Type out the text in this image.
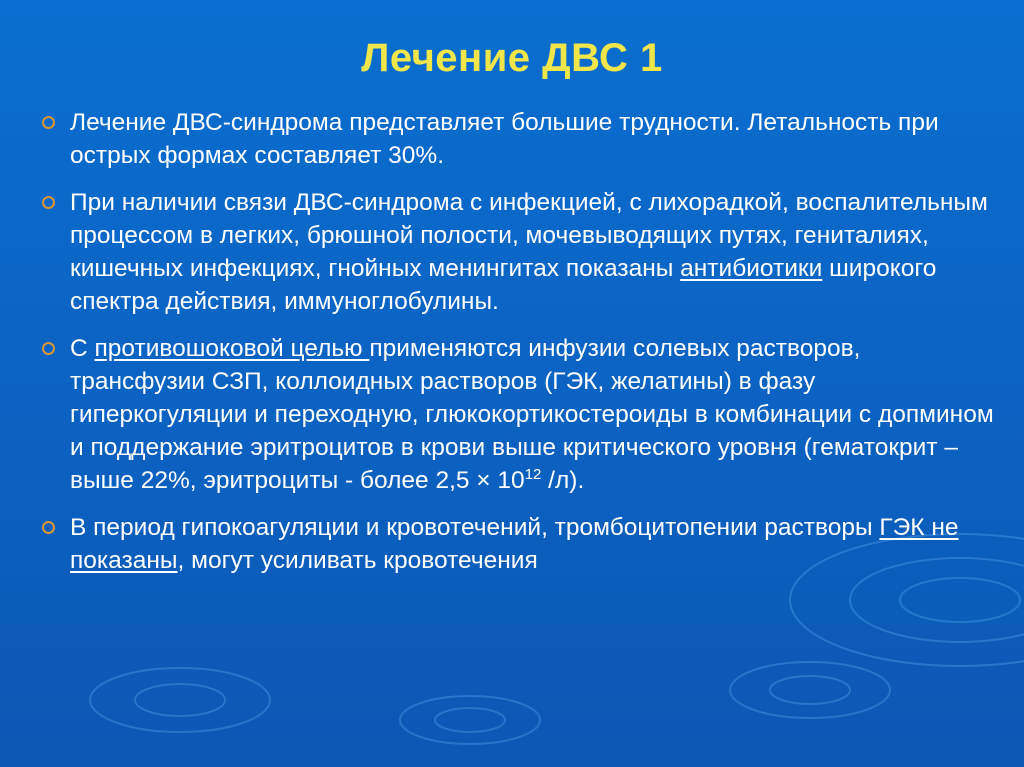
Лечение ДВС 1
Лечение ДВС-синдрома представляет большие трудности. Летальность при острых формах составляет 30%.
При наличии связи ДВС-синдрома с инфекцией, с лихорадкой, воспалительным процессом в легких, брюшной полости, мочевыводящих путях, гениталиях, кишечных инфекциях, гнойных менингитах показаны антибиотики широкого спектра действия, иммуноглобулины.
С противошоковой целью применяются инфузии солевых растворов, трансфузии СЗП, коллоидных растворов (ГЭК, желатины) в фазу гиперкогуляции и переходную, глюкокортикостероиды в комбинации с допмином и поддержание эритроцитов в крови выше критического уровня (гематокрит – выше 22%, эритроциты - более $2,5 \times 10^{12}$ /л).
В период гипокоагуляции и кровотечений, тромбоцитопении растворы ГЭК не показаны, могут усиливать кровотечения
